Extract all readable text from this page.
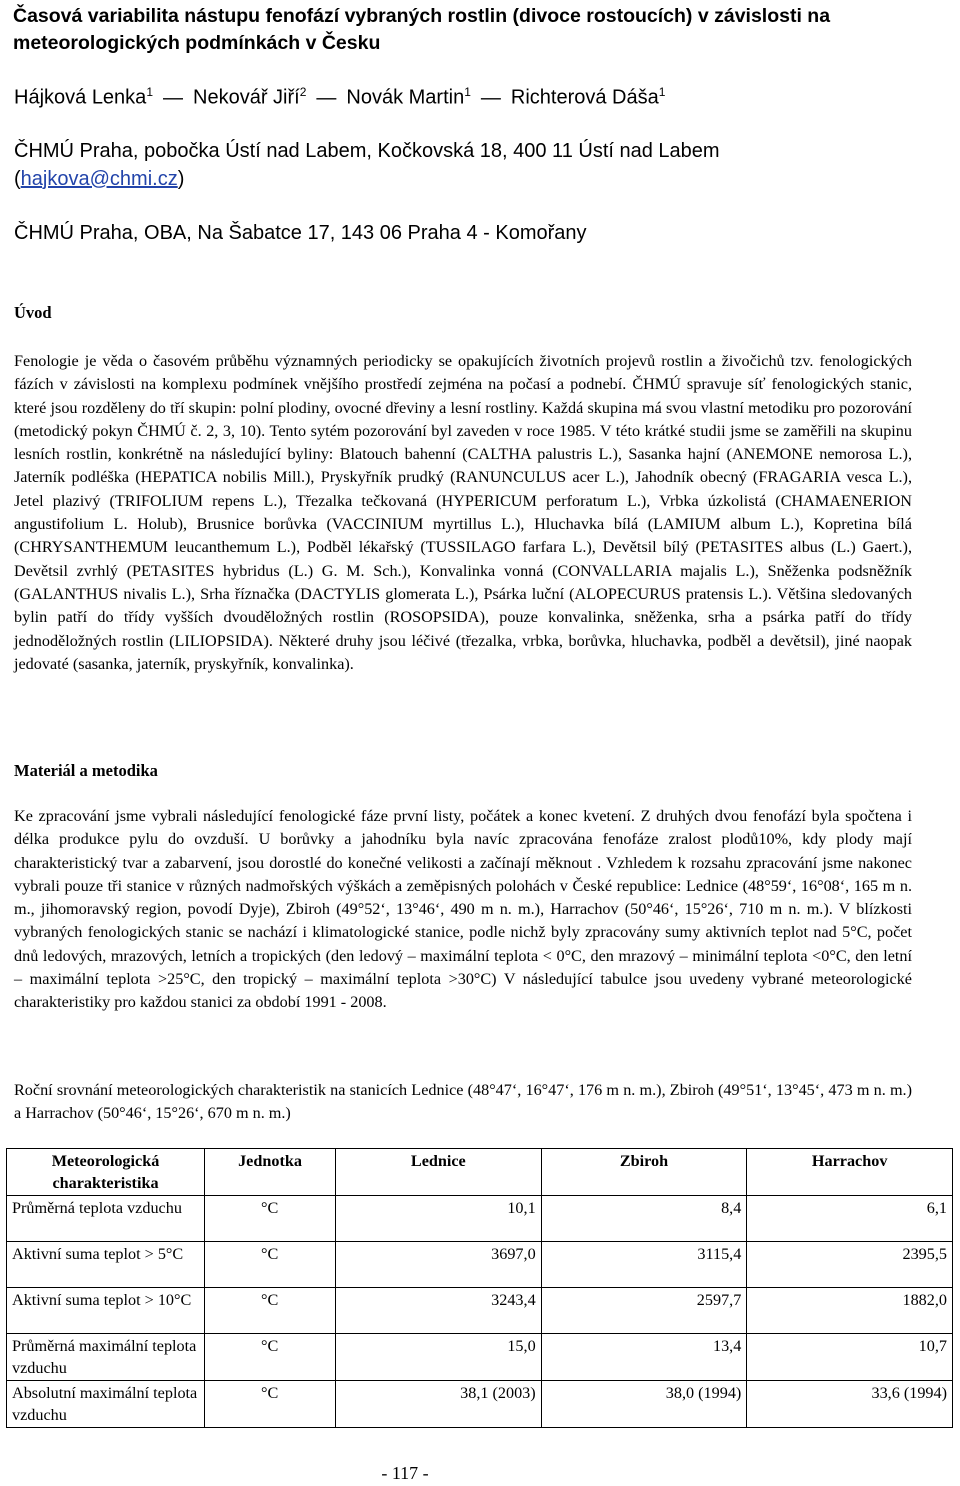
Časová variabilita nástupu fenofází vybraných rostlin (divoce rostoucích) v závislosti na meteorologických podmínkách v Česku
Hájková Lenka$^1$ — Nekovář Jiří$^2$ — Novák Martin$^1$ — Richterová Dáša$^1$
ČHMÚ Praha, pobočka Ústí nad Labem, Kočkovská 18, 400 11 Ústí nad Labem
(hajkova@chmi.cz)
ČHMÚ Praha, OBA, Na Šabatce 17, 143 06 Praha 4 - Komořany
Úvod

Fenologie je věda o časovém průběhu významných periodicky se opakujících životních projevů rostlin a živočichů tzv. fenologických fázích v závislosti na komplexu podmínek vnějšího prostředí zejména na počasí a podnebí. ČHMÚ spravuje síť fenologických stanic, které jsou rozděleny do tří skupin: polní plodiny, ovocné dřeviny a lesní rostliny. Každá skupina má svou vlastní metodiku pro pozorování (metodický pokyn ČHMÚ č. 2, 3, 10). Tento sytém pozorování byl zaveden v roce 1985. V této krátké studii jsme se zaměřili na skupinu lesních rostlin, konkrétně na následující byliny: Blatouch bahenní (CALTHA palustris L.), Sasanka hajní (ANEMONE nemorosa L.), Jaterník podléška (HEPATICA nobilis Mill.), Pryskyřník prudký (RANUNCULUS acer L.), Jahodník obecný (FRAGARIA vesca L.), Jetel plazivý (TRIFOLIUM repens L.), Třezalka tečkovaná (HYPERICUM perforatum L.), Vrbka úzkolistá (CHAMAENERION angustifolium L. Holub), Brusnice borůvka (VACCINIUM myrtillus L.), Hluchavka bílá (LAMIUM album L.), Kopretina bílá (CHRYSANTHEMUM leucanthemum L.), Podběl lékařský (TUSSILAGO farfara L.), Devětsil bílý (PETASITES albus (L.) Gaert.), Devětsil zvrhlý (PETASITES hybridus (L.) G. M. Sch.), Konvalinka vonná (CONVALLARIA majalis L.), Sněženka podsněžník (GALANTHUS nivalis L.), Srha říznačka (DACTYLIS glomerata L.), Psárka luční (ALOPECURUS pratensis L.). Většina sledovaných bylin patří do třídy vyšších dvouděložných rostlin (ROSOPSIDA), pouze konvalinka, sněženka, srha a psárka patří do třídy jednoděložných rostlin (LILIOPSIDA). Některé druhy jsou léčivé (třezalka, vrbka, borůvka, hluchavka, podběl a devětsil), jiné naopak jedovaté (sasanka, jaterník, pryskyřník, konvalinka).

Materiál a metodika

Ke zpracování jsme vybrali následující fenologické fáze první listy, počátek a konec kvetení. Z druhých dvou fenofází byla spočtena i délka produkce pylu do ovzduší. U borůvky a jahodníku byla navíc zpracována fenofáze zralost plodů10%, kdy plody mají charakteristický tvar a zabarvení, jsou dorostlé do konečné velikosti a začínají měknout . Vzhledem k rozsahu zpracování jsme nakonec vybrali pouze tři stanice v různých nadmořských výškách a zeměpisných polohách v České republice: Lednice (48°59‘, 16°08‘, 165 m n. m., jihomoravský region, povodí Dyje), Zbiroh (49°52‘, 13°46‘, 490 m n. m.), Harrachov (50°46‘, 15°26‘, 710 m n. m.). V blízkosti vybraných fenologických stanic se nachází i klimatologické stanice, podle nichž byly zpracovány sumy aktivních teplot nad 5°C, počet dnů ledových, mrazových, letních a tropických (den ledový – maximální teplota < 0°C, den mrazový – minimální teplota <0°C, den letní – maximální teplota >25°C, den tropický – maximální teplota >30°C) V následující tabulce jsou uvedeny vybrané meteorologické charakteristiky pro každou stanici za období 1991 - 2008.

Roční srovnání meteorologických charakteristik na stanicích Lednice (48°47‘, 16°47‘, 176 m n. m.), Zbiroh (49°51‘, 13°45‘, 473 m n. m.) a Harrachov (50°46‘, 15°26‘, 670 m n. m.)

Meteorologická charakteristika	Jednotka	Lednice	Zbiroh	Harrachov
Průměrná teplota vzduchu	°C	10,1	8,4	6,1
Aktivní suma teplot > 5°C	°C	3697,0	3115,4	2395,5
Aktivní suma teplot > 10°C	°C	3243,4	2597,7	1882,0
Průměrná maximální teplota vzduchu	°C	15,0	13,4	10,7
Absolutní maximální teplota vzduchu	°C	38,1 (2003)	38,0 (1994)	33,6 (1994)
- 117 -
